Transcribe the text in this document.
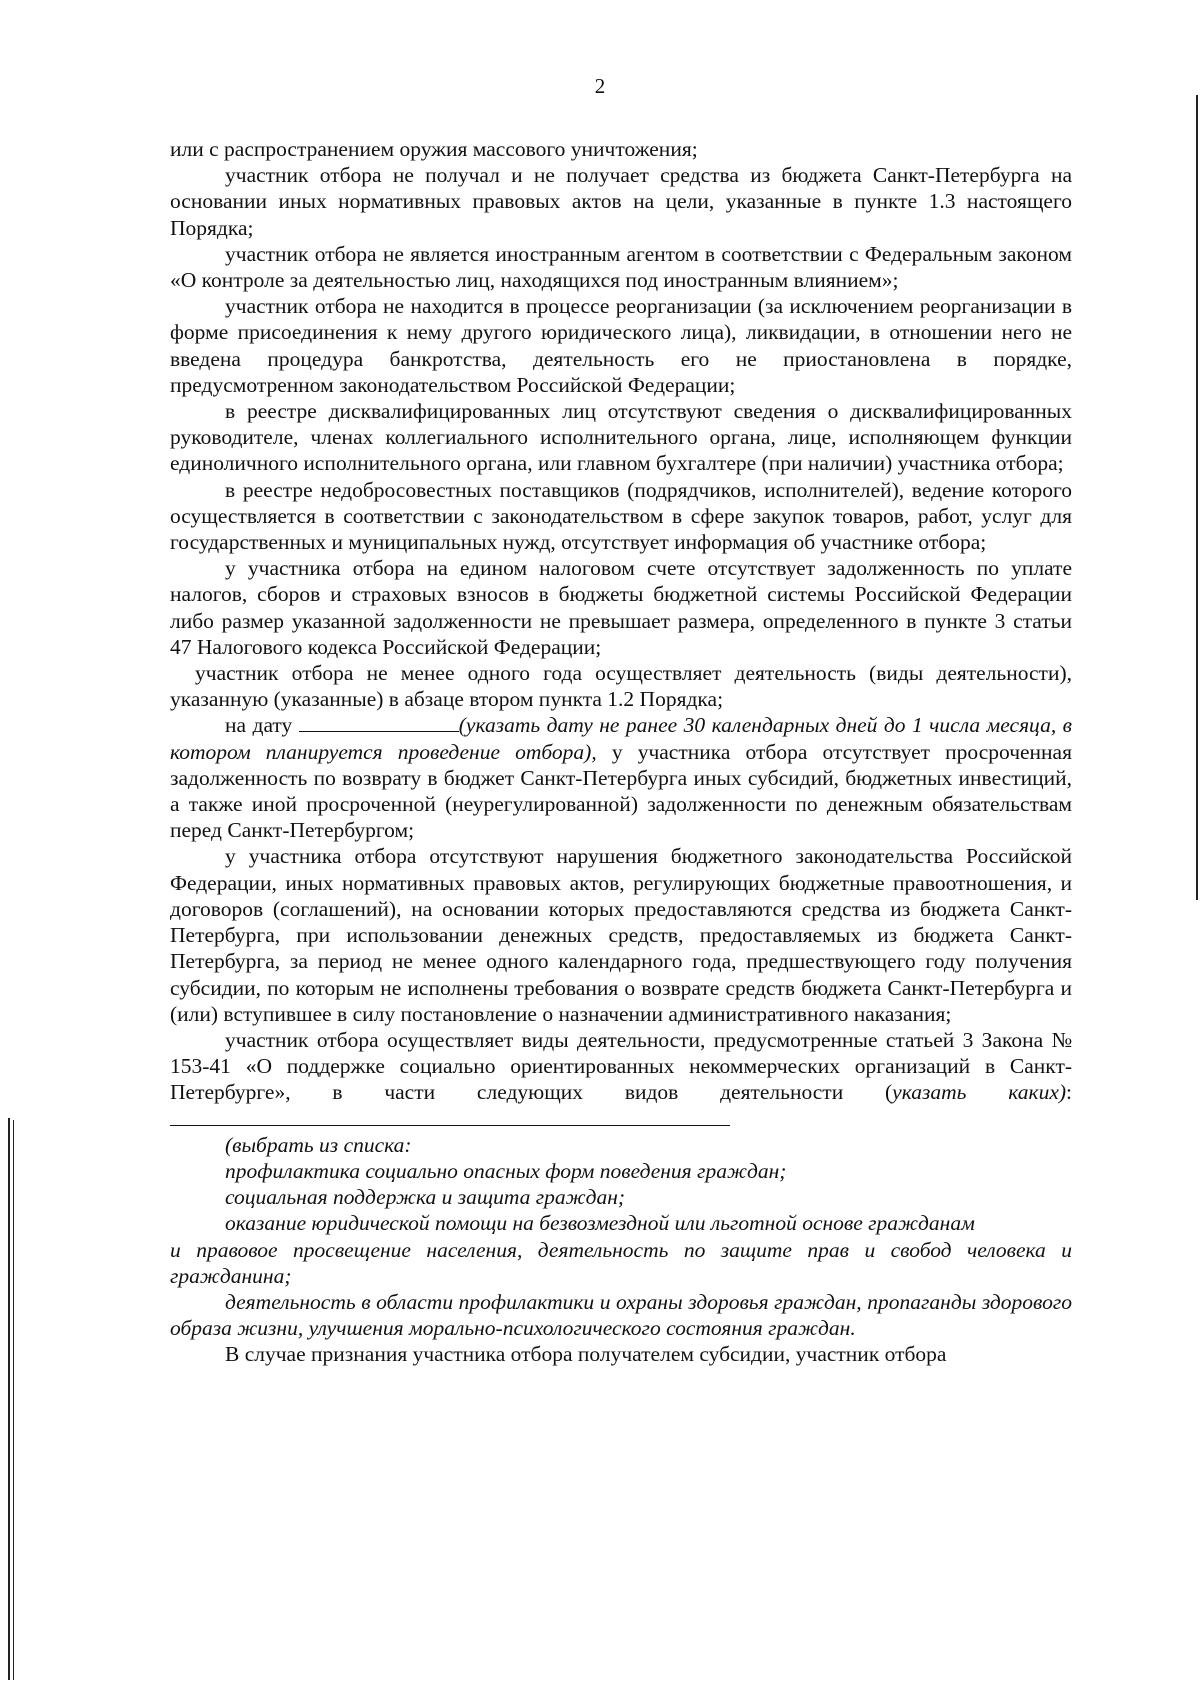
2

или с распространением оружия массового уничтожения;

участник отбора не получал и не получает средства из бюджета Санкт-Петербурга на основании иных нормативных правовых актов на цели, указанные в пункте 1.3 настоящего Порядка;

участник отбора не является иностранным агентом в соответствии с Федеральным законом «О контроле за деятельностью лиц, находящихся под иностранным влиянием»;

участник отбора не находится в процессе реорганизации (за исключением реорганизации в форме присоединения к нему другого юридического лица), ликвидации, в отношении него не введена процедура банкротства, деятельность его не приостановлена в порядке, предусмотренном законодательством Российской Федерации;

в реестре дисквалифицированных лиц отсутствуют сведения о дисквалифицированных руководителе, членах коллегиального исполнительного органа, лице, исполняющем функции единоличного исполнительного органа, или главном бухгалтере (при наличии) участника отбора;

в реестре недобросовестных поставщиков (подрядчиков, исполнителей), ведение которого осуществляется в соответствии с законодательством в сфере закупок товаров, работ, услуг для государственных и муниципальных нужд, отсутствует информация об участнике отбора;

у участника отбора на едином налоговом счете отсутствует задолженность по уплате налогов, сборов и страховых взносов в бюджеты бюджетной системы Российской Федерации либо размер указанной задолженности не превышает размера, определенного в пункте 3 статьи 47 Налогового кодекса Российской Федерации;

участник отбора не менее одного года осуществляет деятельность (виды деятельности), указанную (указанные) в абзаце втором пункта 1.2 Порядка;

на дату	(указать дату не ранее 30 календарных дней до 1 числа месяца, в котором планируется проведение отбора), у участника отбора отсутствует просроченная задолженность по возврату в бюджет Санкт-Петербурга иных субсидий, бюджетных инвестиций, а также иной просроченной (неурегулированной) задолженности по денежным обязательствам перед Санкт-Петербургом;

у участника отбора отсутствуют нарушения бюджетного законодательства Российской Федерации, иных нормативных правовых актов, регулирующих бюджетные правоотношения, и договоров (соглашений), на основании которых предоставляются средства из бюджета Санкт-Петербурга, при использовании денежных средств, предоставляемых из бюджета Санкт-Петербурга, за период не менее одного календарного года, предшествующего году получения субсидии, по которым не исполнены требования о возврате средств бюджета Санкт-Петербурга и (или) вступившее в силу постановление о назначении административного наказания;

участник отбора осуществляет виды деятельности, предусмотренные статьей 3 Закона № 153-41 «О поддержке социально ориентированных некоммерческих организаций в Санкт-Петербурге», в части следующих видов деятельности (указать каких):

(выбрать из списка:

профилактика социально опасных форм поведения граждан;

социальная поддержка и защита граждан;

оказание юридической помощи на безвозмездной или льготной основе гражданам

и правовое просвещение населения, деятельность по защите прав и свобод человека и гражданина;

деятельность в области профилактики и охраны здоровья граждан, пропаганды здорового образа жизни, улучшения морально-психологического состояния граждан.

В случае признания участника отбора получателем субсидии, участник отбора
